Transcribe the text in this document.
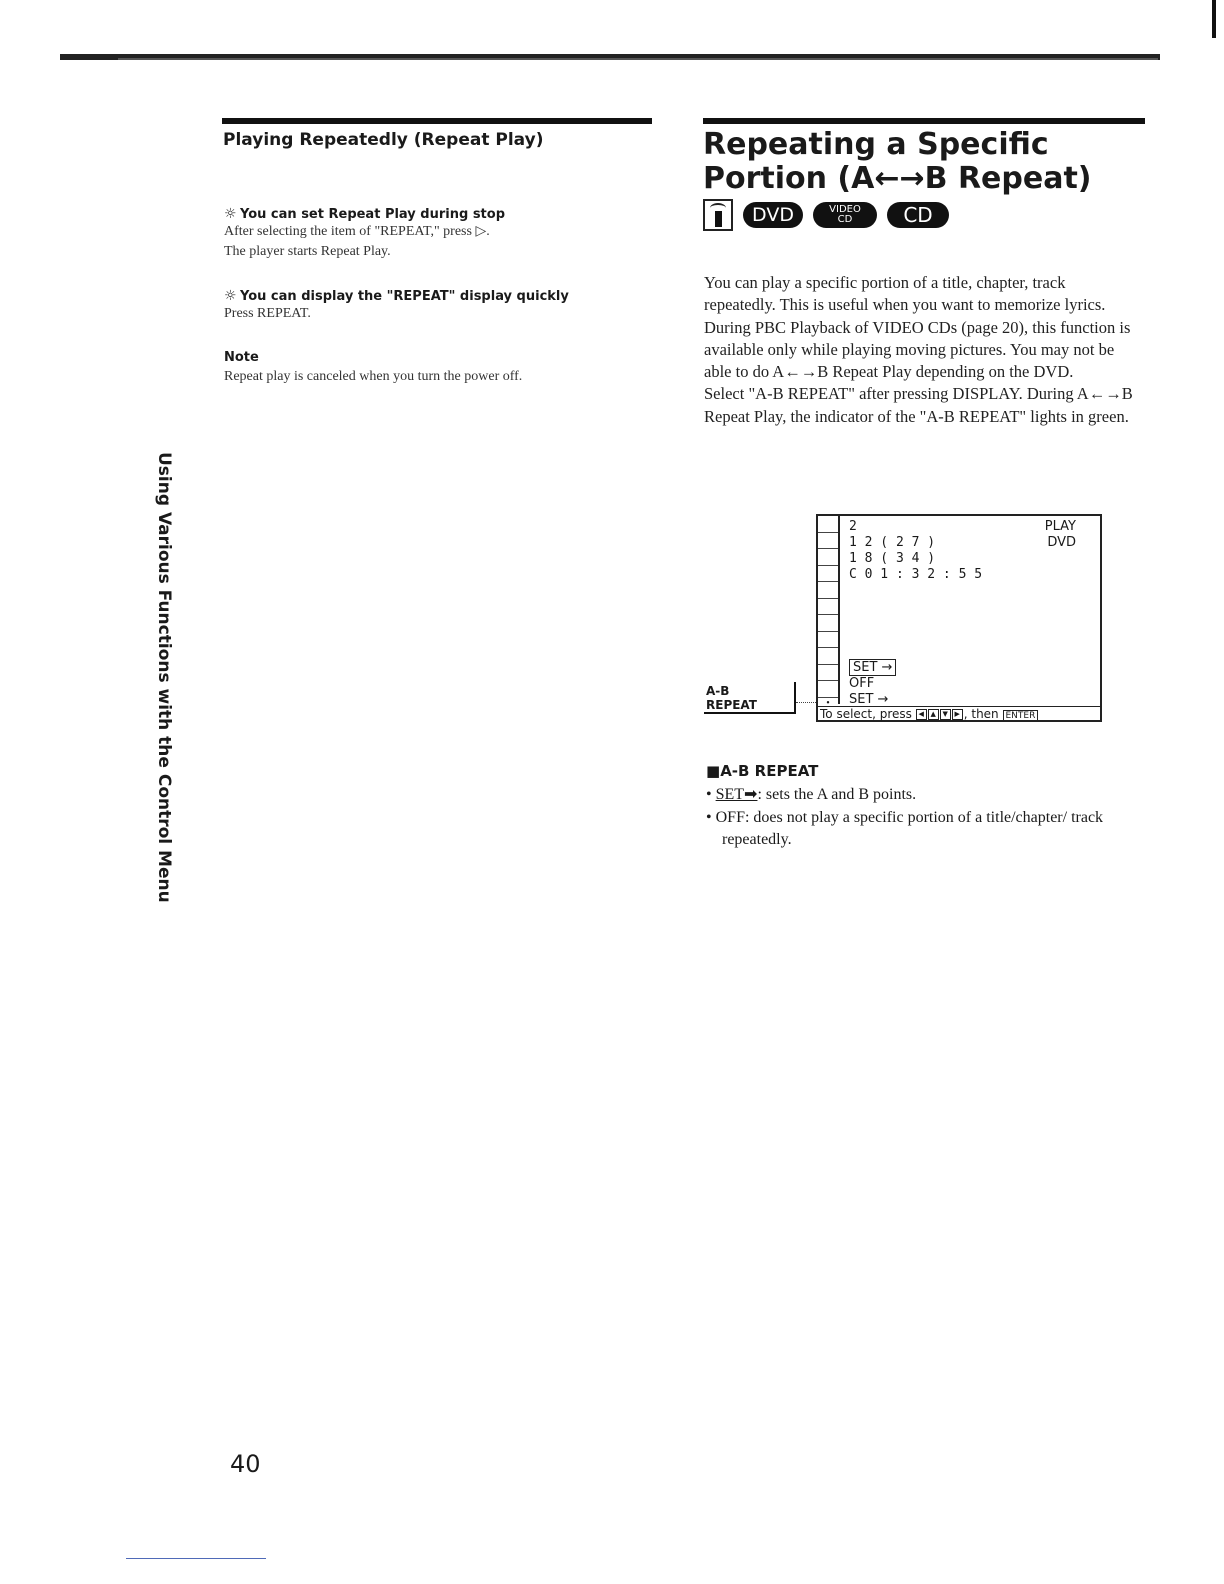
Playing Repeatedly (Repeat Play)
☼ You can set Repeat Play during stop
After selecting the item of "REPEAT," press ▷.
The player starts Repeat Play.
☼ You can display the "REPEAT" display quickly
Press REPEAT.
Note
Repeat play is canceled when you turn the power off.
Using Various Functions with the Control Menu
Repeating a Specific
Portion (A←→B Repeat)
DVD	VIDEO
CD	CD

You can play a specific portion of a title, chapter, track repeatedly. This is useful when you want to memorize lyrics.

During PBC Playback of VIDEO CDs (page 20), this function is available only while playing moving pictures. You may not be able to do A←→B Repeat Play depending on the DVD.

Select "A-B REPEAT" after pressing DISPLAY. During A←→B Repeat Play, the indicator of the "A-B REPEAT" lights in green.

•
2
1 2 ( 2 7 )
1 8 ( 3 4 )
C 0 1 : 3 2 : 5 5
PLAY
DVD
SET →
OFF
SET →
To select, press ◀ ▲ ▼ ▶ , then ENTER
A-B
REPEAT
■A-B REPEAT
• SET➡: sets the A and B points.
• OFF: does not play a specific portion of a title/chapter/ track repeatedly.
40
